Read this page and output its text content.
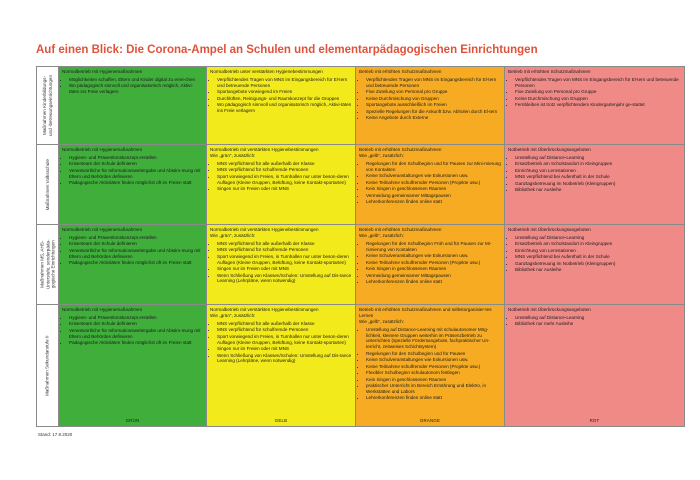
Auf einen Blick: Die Corona-Ampel an Schulen und elementarpädagogischen Einrichtungen
Maßnahmen Kinderbildungs-
und -betreuungseinrichtungen
Normalbetrieb mit Hygienemaßnahmen
• Möglichkeiten schaffen, Eltern und Kinder digital zu errei-chen
• Wo pädagogisch sinnvoll und organisatorisch möglich, Aktivi-täten ins Freie verlagern
Normalbetrieb unter verstärkten Hygienebestimmungen
• Verpflichtendes Tragen von MNS im Eingangsbereich für El-tern und betreuende Personen
• Sportangebote vorwiegend im Freien
• Durchlüften, Reinigungs- und Raumkonzept für die Gruppen
• Wo pädagogisch sinnvoll und organisatorisch möglich, Aktivi-täten ins Freie verlagern
Betrieb mit erhöhten Schutzmaßnahmen
• Verpflichtendes Tragen von MNS im Eingangsbereich für El-tern und betreuende Personen
• Fixe Zuteilung von Personal pro Gruppe
• Keine Durchmischung von Gruppen
• Sportangebote ausschließlich im Freien
• Spezielle Regelungen für die Ankunft bzw. Abholen durch El-tern
• Keine Angebote durch Externe
Betrieb mit erhöhten Schutzmaßnahmen
• Verpflichtendes Tragen von MNS im Eingangsbereich für El-tern und betreuende Personen
• Fixe Zuteilung von Personal pro Gruppe
• Keine Durchmischung von Gruppen
• Fernbleiben ist trotz verpflichtendem Kindergartenjahr ge-stattet
Maßnahmen Volksschule
Normalbetrieb mit Hygienemaßnahmen
• Hygiene- und Präventionskonzept erstellen
• Krisenteam der Schule definieren
• Verantwortliche für Informationsweitergabe und Abstim-mung mit Eltern und Behörden definieren
• Pädagogische Aktivitäten finden möglichst oft im Freien statt
Normalbetrieb mit verstärkten Hygienebestimmungen
Wie „grün“, zusätzlich:
• MNS verpflichtend für alle außerhalb der Klasse
• MNS verpflichtend für schulfremde Personen
• Sport vorwiegend im Freien, in Turnhallen nur unter beson-deren Auflagen (Kleine Gruppen, Belüftung, keine Kontakt-sportarten)
• Singen nur im Freien oder mit MNS
Betrieb mit erhöhten Schutzmaßnahmen
Wie „gelb“, zusätzlich:
• Regelungen für den Schulbeginn und für Pausen zur Mini-mierung von Kontakten
• Keine Schulveranstaltungen wie Exkursionen usw.
• Keine Teilnahme schulfremder Personen (Projekte usw.)
• Kein Singen in geschlossenen Räumen
• Vermeidung gemeinsamer Mittagspausen
• Lehrerkonferenzen finden online statt
Notbetrieb mit Überbrückungsangeboten
• Umstellung auf Distance-Learning
• Ersatzbetrieb am Schulstandort in Kleingruppen
• Einrichtung von Lernstationen
• MNS verpflichtend bei Aufenthalt in der Schule
• Ganztagsbetreuung im Notbetrieb (Kleingruppen)
• Bibliothek nur Ausleihe
Maßnahmen MS, AHS-
Unterstufe, sonderpäda-
gogische Einrichtungen
Normalbetrieb mit Hygienemaßnahmen
• Hygiene- und Präventionskonzept erstellen
• Krisenteam der Schule definieren
• Verantwortliche für Informationsweitergabe und Abstim-mung mit Eltern und Behörden definieren
• Pädagogische Aktivitäten finden möglichst oft im Freien statt
Normalbetrieb mit verstärkten Hygienebestimmungen
Wie „grün“, zusätzlich:
• MNS verpflichtend für alle außerhalb der Klasse
• MNS verpflichtend für schulfremde Personen
• Sport vorwiegend im Freien, in Turnhallen nur unter beson-deren Auflagen (Kleine Gruppen, Belüftung, keine Kontakt-sportarten)
• Singen nur im Freien oder mit MNS
• Wenn Schließung von Klassen/Schulen: Umstellung auf Dis-tance Learning (Lehrpläne, wenn notwendig)
Betrieb mit erhöhten Schutzmaßnahmen
Wie „gelb“, zusätzlich:
• Regelungen für den Schulbeginn Früh und für Pausen zur Mi-nimierung von Kontakten
• Keine Schulveranstaltungen wie Exkursionen usw.
• Keine Teilnahme schulfremder Personen (Projekte usw.)
• Kein Singen in geschlossenen Räumen
• Vermeidung gemeinsamer Mittagspausen
• Lehrerkonferenzen finden online statt
Notbetrieb mit Überbrückungsangeboten
• Umstellung auf Distance-Learning
• Ersatzbetrieb am Schulstandort in Kleingruppen
• Einrichtung von Lernstationen
• MNS verpflichtend bei Aufenthalt in der Schule
• Ganztagsbetreuung im Notbetrieb (Kleingruppen)
• Bibliothek nur Ausleihe
Maßnahmen Sekundarstufe II
Normalbetrieb mit Hygienemaßnahmen
• Hygiene- und Präventionskonzept erstellen
• Krisenteam der Schule definieren
• Verantwortliche für Informationsweitergabe und Abstim-mung mit Eltern und Behörden definieren
• Pädagogische Aktivitäten finden möglichst oft im Freien statt
GRÜN
Normalbetrieb mit verstärkten Hygienebestimmungen
Wie „grün“, zusätzlich:
• MNS verpflichtend für alle außerhalb der Klasse
• MNS verpflichtend für schulfremde Personen
• Sport vorwiegend im Freien, in Turnhallen nur unter beson-deren Auflagen (Kleine Gruppen, Belüftung, keine Kontakt-sportarten)
• Singen nur im Freien oder mit MNS
• Wenn Schließung von Klassen/Schulen: Umstellung auf Dis-tance Learning (Lehrpläne, wenn notwendig)
GELB
Betrieb mit erhöhten Schutzmaßnahmen und selbstorganisier-tes Lernen
Wie „gelb“, zusätzlich:
• Umstellung auf Distance-Learning mit schulautonomer Mög-lichkeit, kleinere Gruppen weiterhin im Präsenzbetrieb zu unterrichten (spezielle Fördersangebote, fachpraktischer Un-terricht, zeitweises Schichtsystem)
• Regelungen für den Schulbeginn und für Pausen
• Keine Schulveranstaltungen wie Exkursionen usw.
• Keine Teilnahme schulfremder Personen (Projekte usw.)
• Flexibler Schulbeginn schulautonom festlegen
• Kein Singen in geschlossenen Räumen
• praktischer Unterricht im Bereich Ernährung und Elektro, in Werkstätten und Labors
• Lehrerkonferenzen finden online statt
ORANGE
Notbetrieb mit Überbrückungsangeboten
• Umstellung auf Distance-Learning
• Bibliothek nur mehr Ausleihe
ROT
Stand: 17.8.2020
